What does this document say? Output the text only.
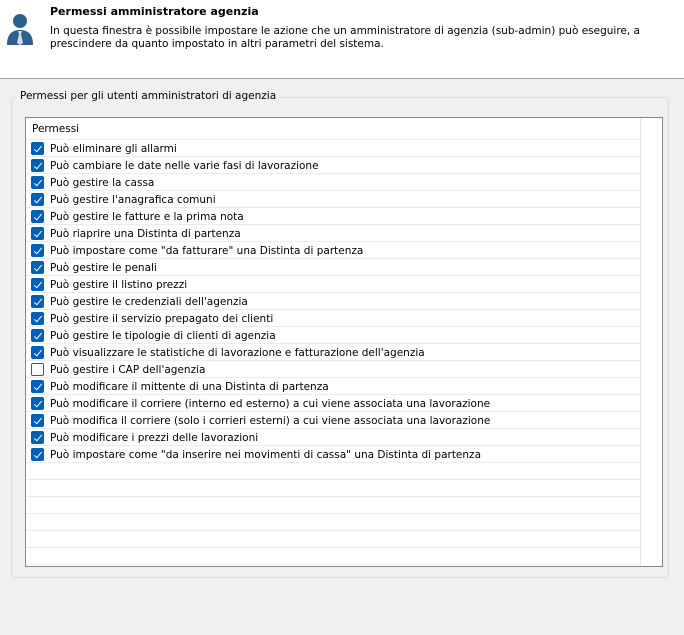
Permessi amministratore agenzia
In questa finestra è possibile impostare le azione che un amministratore di agenzia (sub-admin) può eseguire, a prescindere da quanto impostato in altri parametri del sistema.
Permessi per gli utenti amministratori di agenzia
Permessi
Può eliminare gli allarmi
Può cambiare le date nelle varie fasi di lavorazione
Può gestire la cassa
Può gestire l'anagrafica comuni
Può gestire le fatture e la prima nota
Può riaprire una Distinta di partenza
Può impostare come "da fatturare" una Distinta di partenza
Può gestire le penali
Può gestire il listino prezzi
Può gestire le credenziali dell'agenzia
Può gestire il servizio prepagato dei clienti
Può gestire le tipologie di clienti di agenzia
Può visualizzare le statistiche di lavorazione e fatturazione dell'agenzia
Può gestire i CAP dell'agenzia
Può modificare il mittente di una Distinta di partenza
Può modificare il corriere (interno ed esterno) a cui viene associata una lavorazione
Può modifica il corriere (solo i corrieri esterni) a cui viene associata una lavorazione
Può modificare i prezzi delle lavorazioni
Può impostare come "da inserire nei movimenti di cassa" una Distinta di partenza
